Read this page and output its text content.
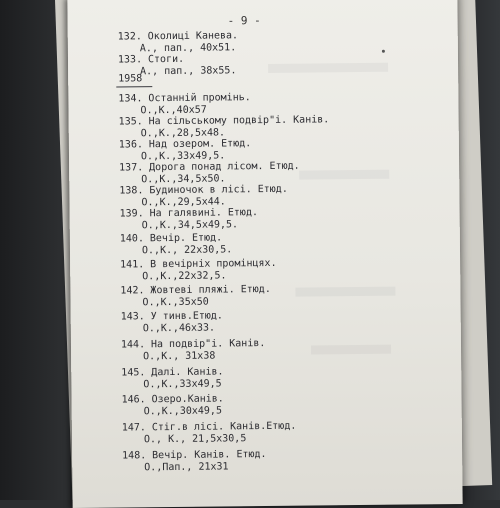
- 9 -
132. Околиці Канева.
А., пап., 40х51.
133. Стоги.
А., пап., 38х55.
1958
134. Останній промінь.
О.,К.,40х57
135. На сільському подвір"і. Канів.
О.,К.,28,5х48.
136. Над озером. Етюд.
О.,К.,33х49,5.
137. Дорога понад лісом. Етюд.
О.,К.,34,5х50.
138. Будиночок в лісі. Етюд.
О.,К.,29,5х44.
139. На галявині. Етюд.
О.,К.,34,5х49,5.
140. Вечір. Етюд.
О.,К., 22х30,5.
141. В вечірніх промінцях.
О.,К.,22х32,5.
142. Жовтеві пляжі. Етюд.
О.,К.,35х50
143. У тинв.Етюд.
О.,К.,46х33.
144. На подвір"і. Канів.
О.,К., 31х38
145. Далі. Канів.
О.,К.,33х49,5
146. Озеро.Канів.
О.,К.,30х49,5
147. Стіг.в лісі. Канів.Етюд.
О., К., 21,5х30,5
148. Вечір. Канів. Етюд.
О.,Пап., 21х31
